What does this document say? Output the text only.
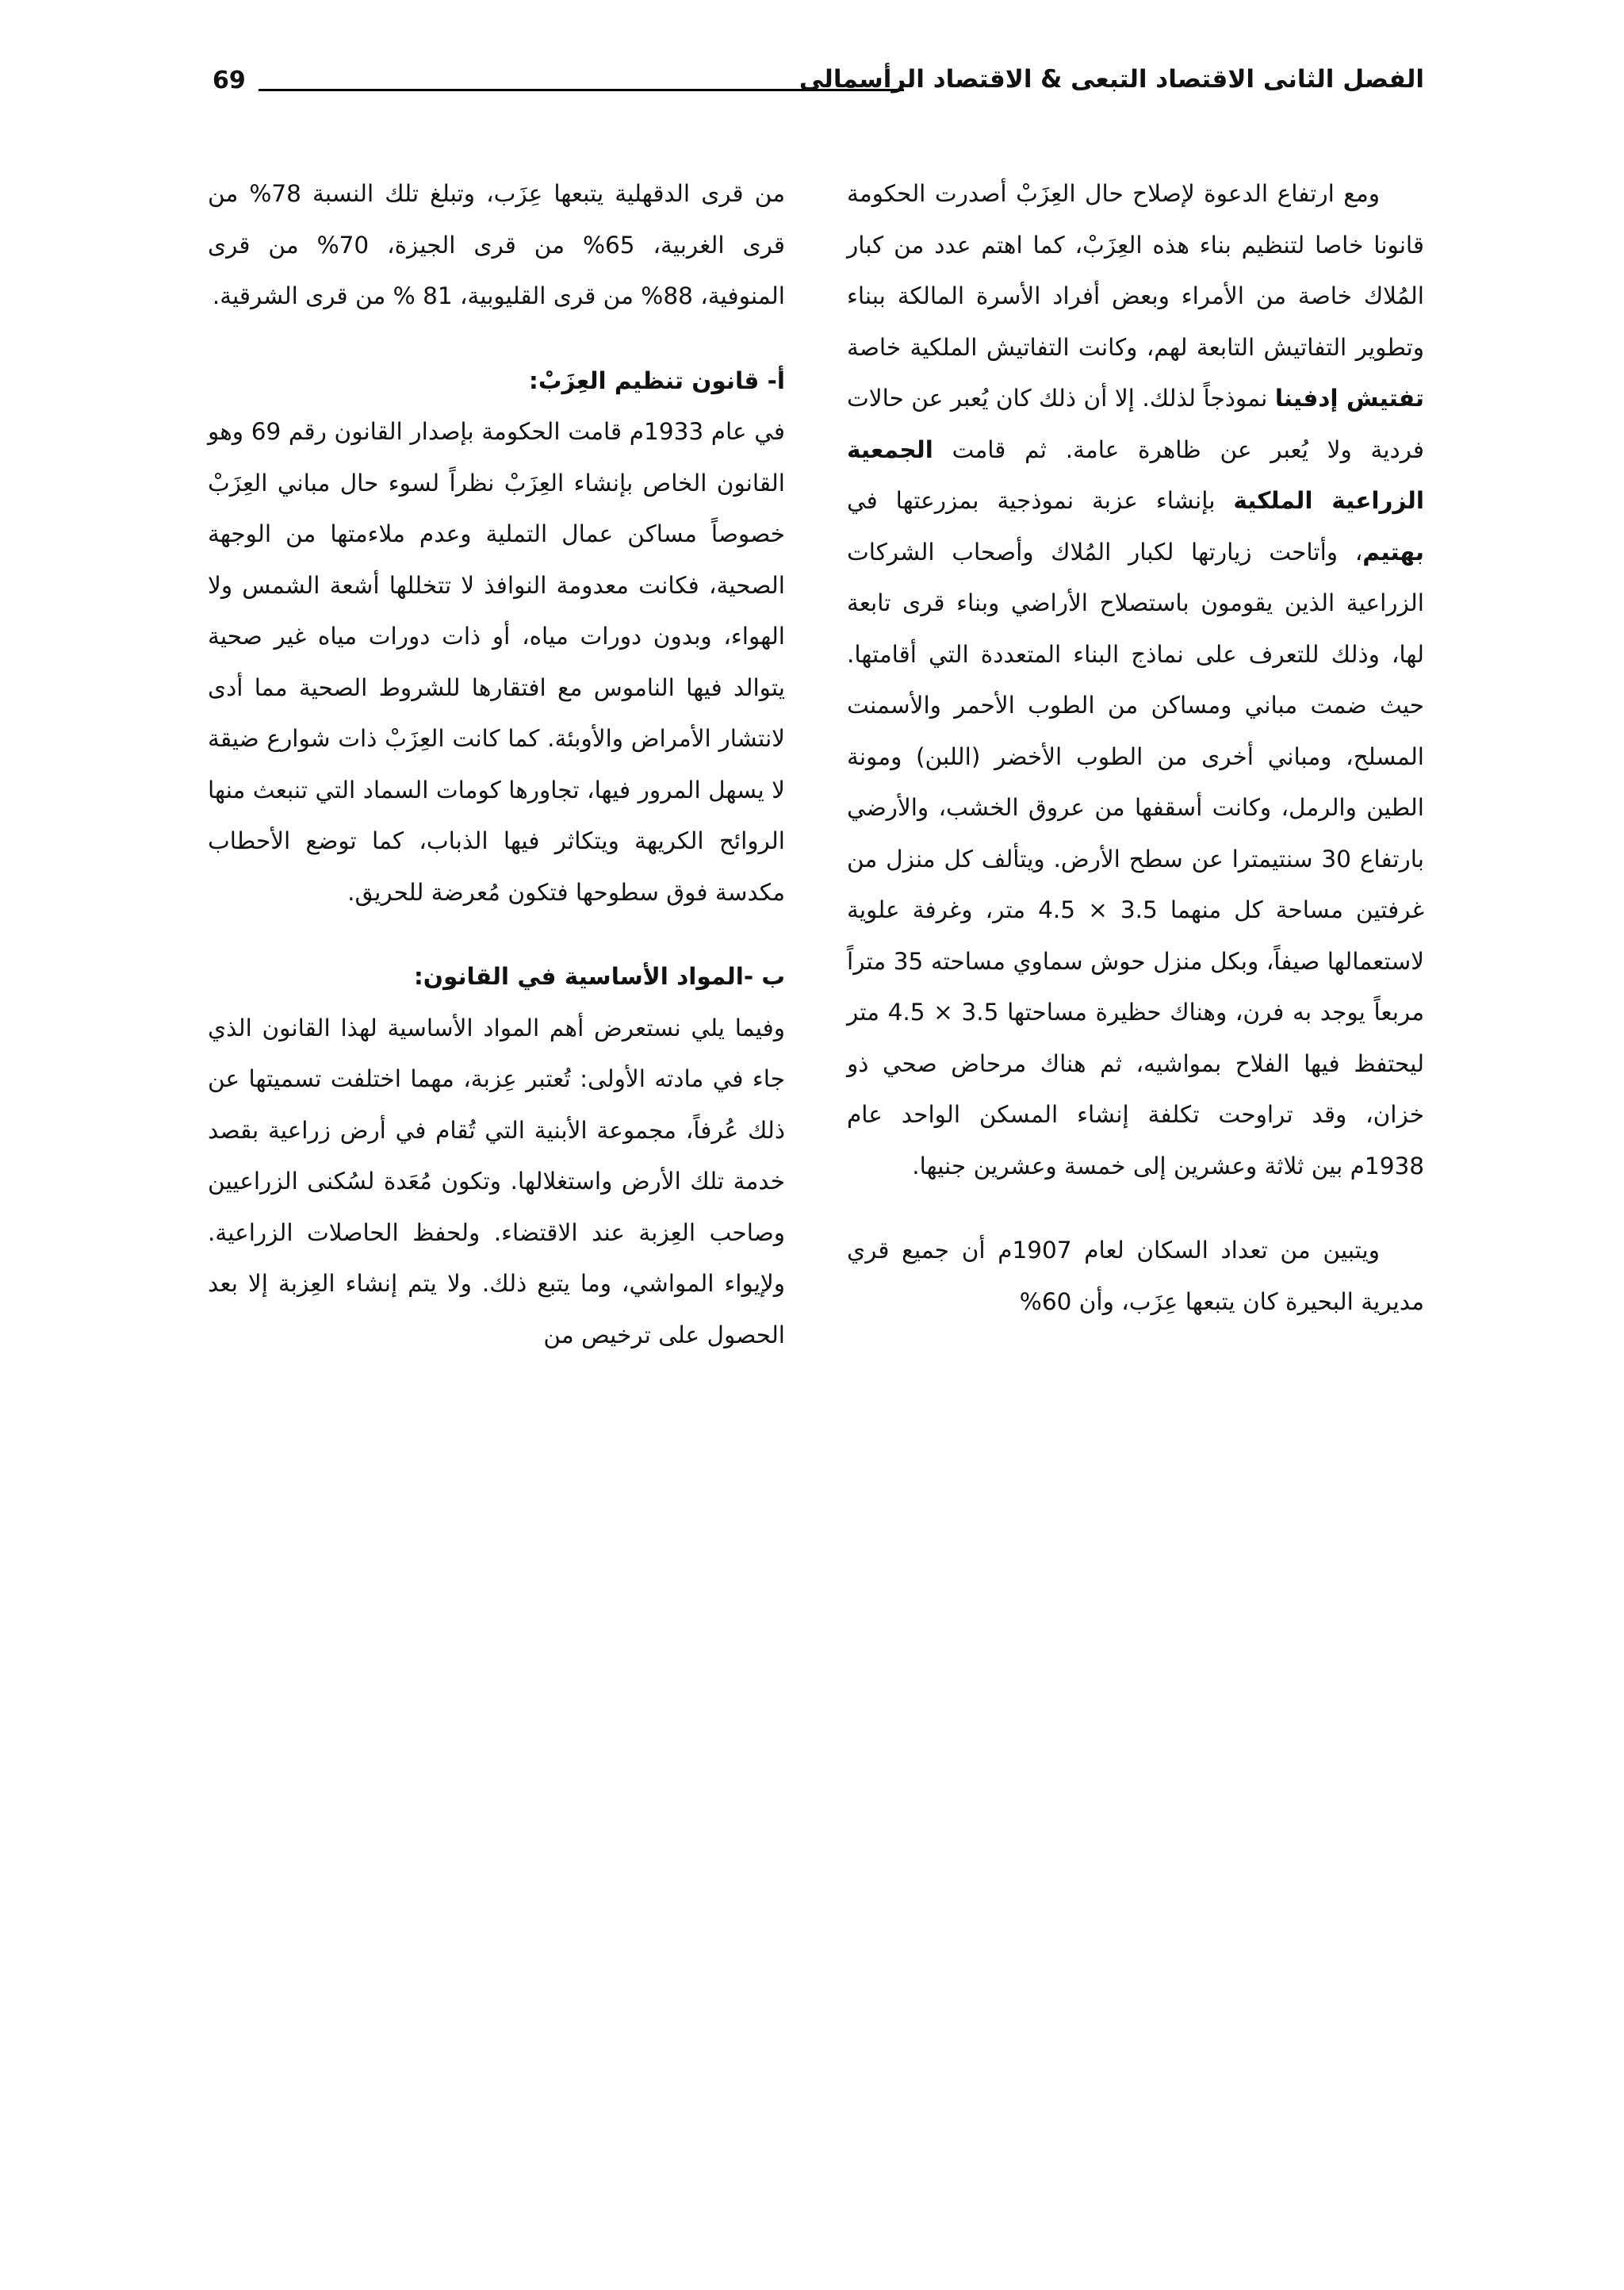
69	الفصل الثانى الاقتصاد التبعى & الاقتصاد الرأسمالى

ومع ارتفاع الدعوة لإصلاح حال العِزَبْ أصدرت الحكومة قانونا خاصا لتنظيم بناء هذه العِزَبْ، كما اهتم عدد من كبار المُلاك خاصة من الأمراء وبعض أفراد الأسرة المالكة ببناء وتطوير التفاتيش التابعة لهم، وكانت التفاتيش الملكية خاصة تفتيش إدفينا نموذجاً لذلك. إلا أن ذلك كان يُعبر عن حالات فردية ولا يُعبر عن ظاهرة عامة. ثم قامت الجمعية الزراعية الملكية بإنشاء عزبة نموذجية بمزرعتها في بهتيم، وأتاحت زيارتها لكبار المُلاك وأصحاب الشركات الزراعية الذين يقومون باستصلاح الأراضي وبناء قرى تابعة لها، وذلك للتعرف على نماذج البناء المتعددة التي أقامتها. حيث ضمت مباني ومساكن من الطوب الأحمر والأسمنت المسلح، ومباني أخرى من الطوب الأخضر (اللبن) ومونة الطين والرمل، وكانت أسقفها من عروق الخشب، والأرضي بارتفاع 30 سنتيمترا عن سطح الأرض. ويتألف كل منزل من غرفتين مساحة كل منهما 3.5 × 4.5 متر، وغرفة علوية لاستعمالها صيفاً، وبكل منزل حوش سماوي مساحته 35 متراً مربعاً يوجد به فرن، وهناك حظيرة مساحتها 3.5 × 4.5 متر ليحتفظ فيها الفلاح بمواشيه، ثم هناك مرحاض صحي ذو خزان، وقد تراوحت تكلفة إنشاء المسكن الواحد عام 1938م بين ثلاثة وعشرين إلى خمسة وعشرين جنيها.

ويتبين من تعداد السكان لعام 1907م أن جميع قري مديرية البحيرة كان يتبعها عِزَب، وأن 60%

من قرى الدقهلية يتبعها عِزَب، وتبلغ تلك النسبة 78% من قرى الغربية، 65% من قرى الجيزة، 70% من قرى المنوفية، 88% من قرى القليوبية، 81 % من قرى الشرقية.

أ- قانون تنظيم العِزَبْ:

في عام 1933م قامت الحكومة بإصدار القانون رقم 69 وهو القانون الخاص بإنشاء العِزَبْ نظراً لسوء حال مباني العِزَبْ خصوصاً مساكن عمال التملية وعدم ملاءمتها من الوجهة الصحية، فكانت معدومة النوافذ لا تتخللها أشعة الشمس ولا الهواء، وبدون دورات مياه، أو ذات دورات مياه غير صحية يتوالد فيها الناموس مع افتقارها للشروط الصحية مما أدى لانتشار الأمراض والأوبئة. كما كانت العِزَبْ ذات شوارع ضيقة لا يسهل المرور فيها، تجاورها كومات السماد التي تنبعث منها الروائح الكريهة ويتكاثر فيها الذباب، كما توضع الأحطاب مكدسة فوق سطوحها فتكون مُعرضة للحريق.

ب -المواد الأساسية في القانون:

وفيما يلي نستعرض أهم المواد الأساسية لهذا القانون الذي جاء في مادته الأولى: تُعتبر عِزبة، مهما اختلفت تسميتها عن ذلك عُرفاً، مجموعة الأبنية التي تُقام في أرض زراعية بقصد خدمة تلك الأرض واستغلالها. وتكون مُعَدة لسُكنى الزراعيين وصاحب العِزبة عند الاقتضاء. ولحفظ الحاصلات الزراعية. ولإيواء المواشي، وما يتبع ذلك. ولا يتم إنشاء العِزبة إلا بعد الحصول على ترخيص من
